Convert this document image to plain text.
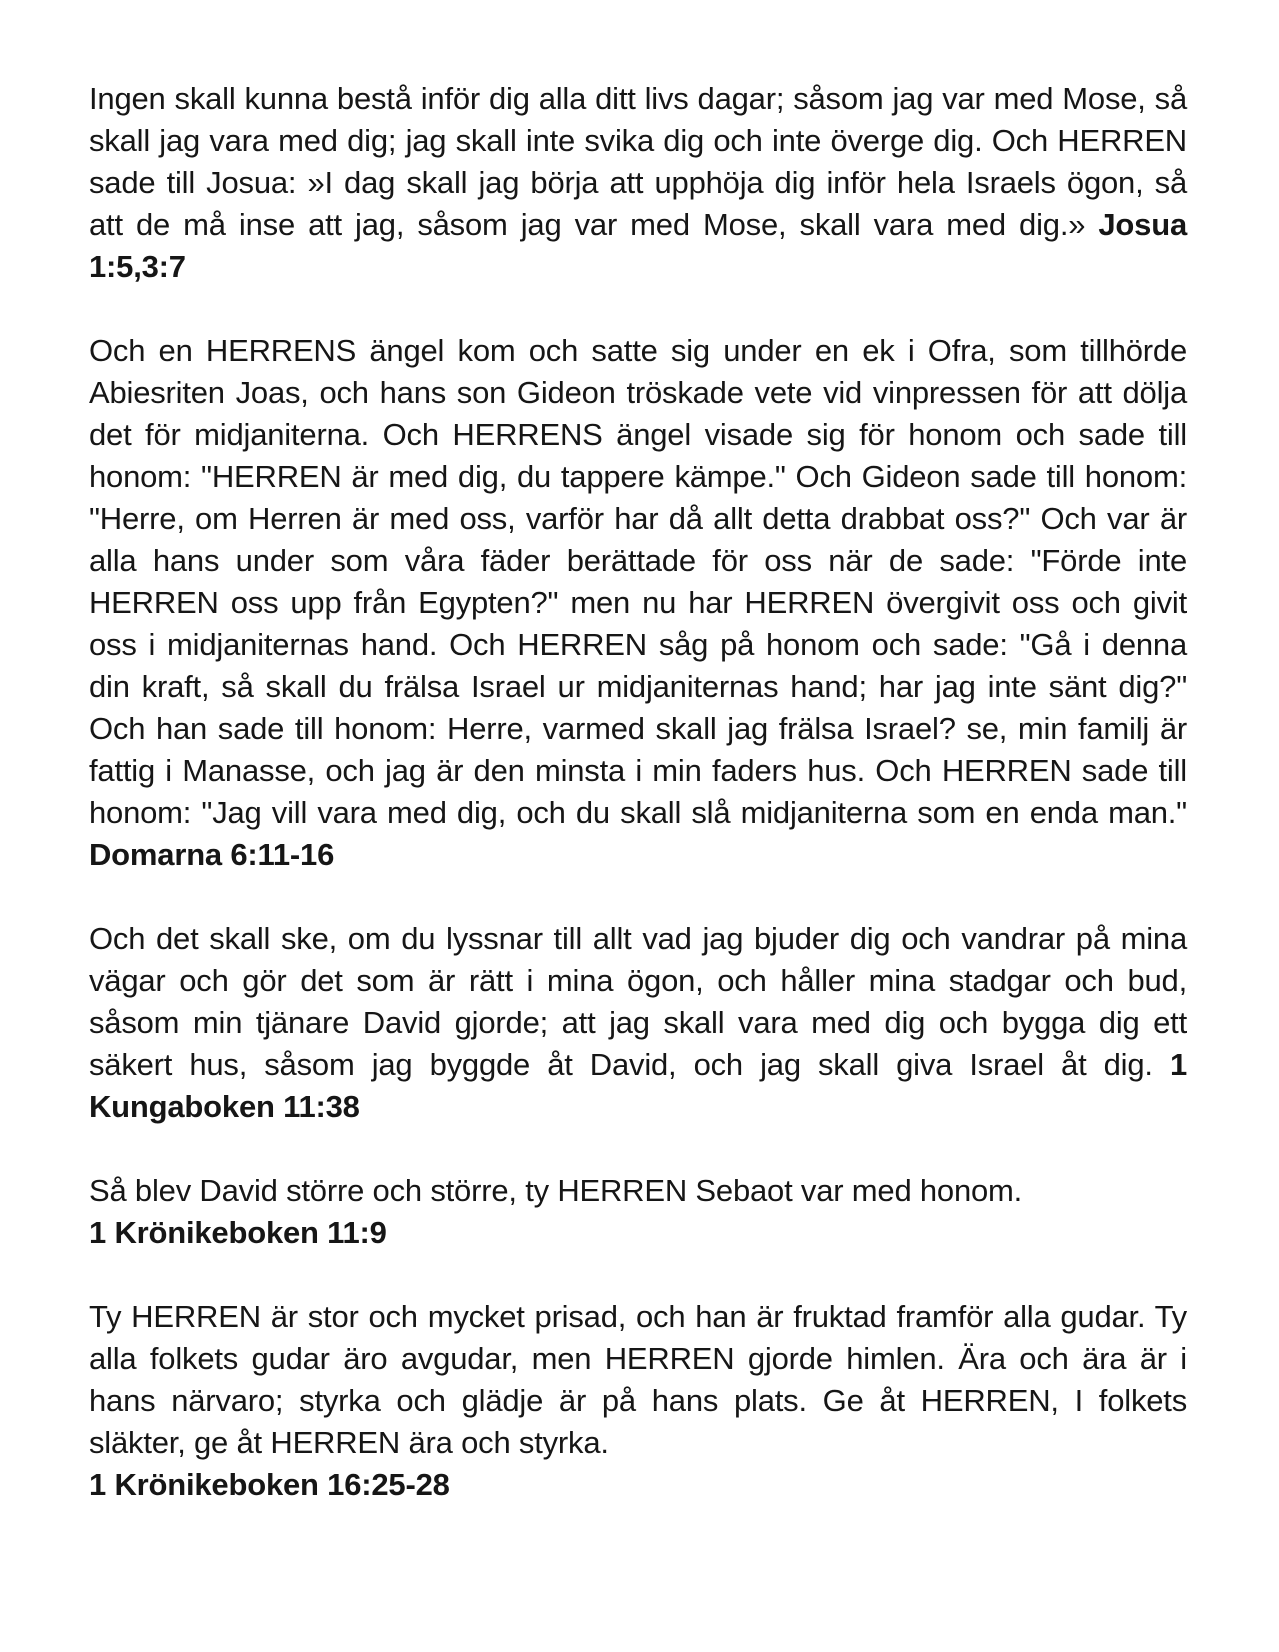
Ingen skall kunna bestå inför dig alla ditt livs dagar; såsom jag var med Mose, så skall jag vara med dig; jag skall inte svika dig och inte överge dig. Och HERREN sade till Josua: »I dag skall jag börja att upphöja dig inför hela Israels ögon, så att de må inse att jag, såsom jag var med Mose, skall vara med dig.» Josua 1:5,3:7

Och en HERRENS ängel kom och satte sig under en ek i Ofra, som tillhörde Abiesriten Joas, och hans son Gideon tröskade vete vid vinpressen för att dölja det för midjaniterna. Och HERRENS ängel visade sig för honom och sade till honom: "HERREN är med dig, du tappere kämpe." Och Gideon sade till honom: "Herre, om Herren är med oss, varför har då allt detta drabbat oss?" Och var är alla hans under som våra fäder berättade för oss när de sade: "Förde inte HERREN oss upp från Egypten?" men nu har HERREN övergivit oss och givit oss i midjaniternas hand. Och HERREN såg på honom och sade: "Gå i denna din kraft, så skall du frälsa Israel ur midjaniternas hand; har jag inte sänt dig?" Och han sade till honom: Herre, varmed skall jag frälsa Israel? se, min familj är fattig i Manasse, och jag är den minsta i min faders hus. Och HERREN sade till honom: "Jag vill vara med dig, och du skall slå midjaniterna som en enda man." Domarna 6:11-16

Och det skall ske, om du lyssnar till allt vad jag bjuder dig och vandrar på mina vägar och gör det som är rätt i mina ögon, och håller mina stadgar och bud, såsom min tjänare David gjorde; att jag skall vara med dig och bygga dig ett säkert hus, såsom jag byggde åt David, och jag skall giva Israel åt dig. 1 Kungaboken 11:38

Så blev David större och större, ty HERREN Sebaot var med honom.
1 Krönikeboken 11:9

Ty HERREN är stor och mycket prisad, och han är fruktad framför alla gudar. Ty alla folkets gudar äro avgudar, men HERREN gjorde himlen. Ära och ära är i hans närvaro; styrka och glädje är på hans plats. Ge åt HERREN, I folkets släkter, ge åt HERREN ära och styrka.
1 Krönikeboken 16:25-28
